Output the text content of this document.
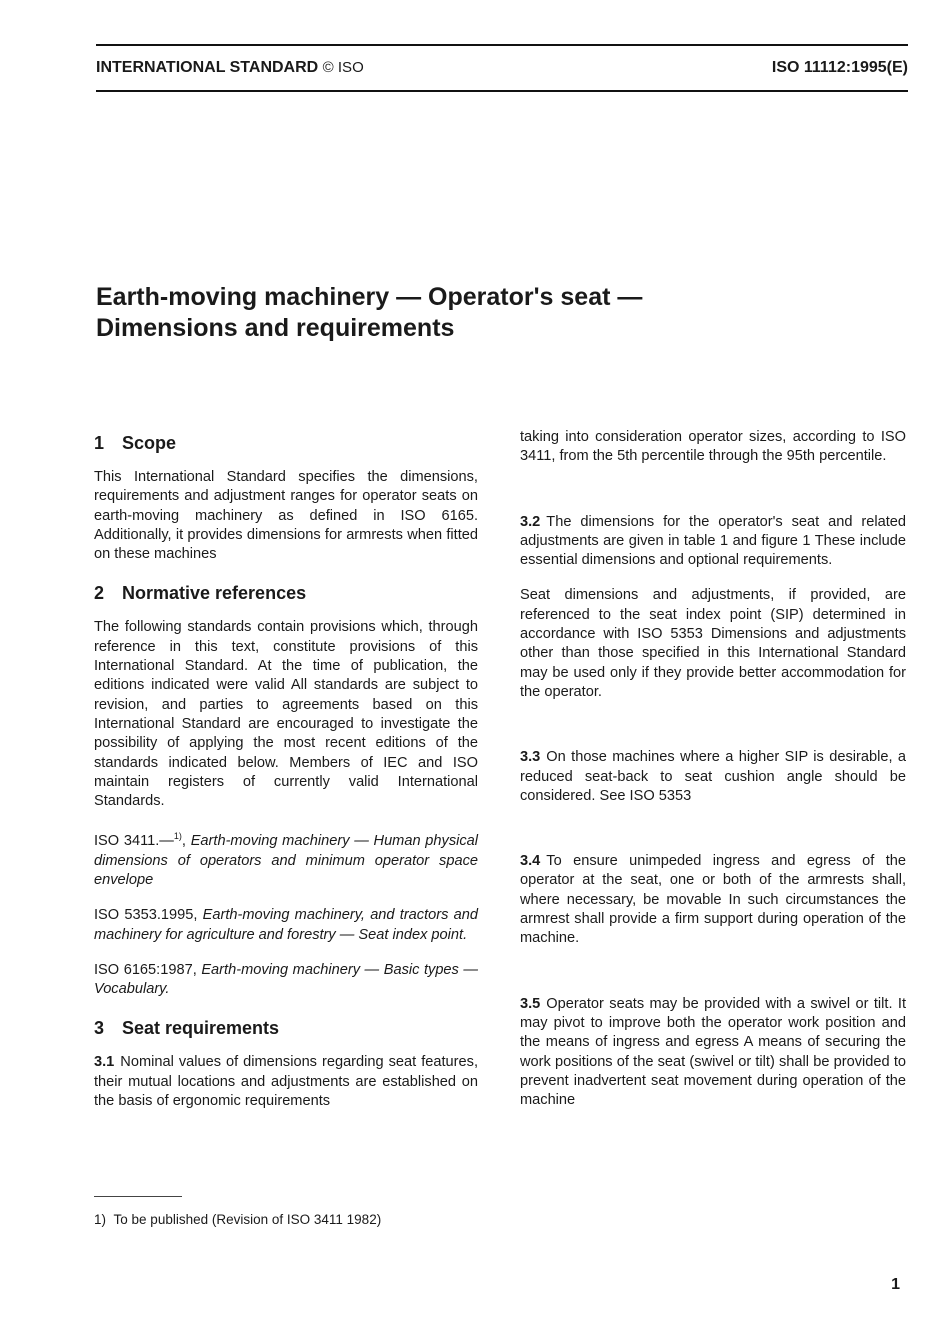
INTERNATIONAL STANDARD © ISO	ISO 11112:1995(E)
Earth-moving machinery — Operator's seat —
Dimensions and requirements
1 Scope

This International Standard specifies the dimensions, requirements and adjustment ranges for operator seats on earth-moving machinery as defined in ISO 6165. Additionally, it provides dimensions for armrests when fitted on these machines

2 Normative references

The following standards contain provisions which, through reference in this text, constitute provisions of this International Standard. At the time of publication, the editions indicated were valid All standards are subject to revision, and parties to agreements based on this International Standard are encouraged to investigate the possibility of applying the most recent editions of the standards indicated below. Members of IEC and ISO maintain registers of currently valid International Standards.

ISO 3411.—$^{1)}$, Earth-moving machinery — Human physical dimensions of operators and minimum operator space envelope

ISO 5353.1995, Earth-moving machinery, and tractors and machinery for agriculture and forestry — Seat index point.

ISO 6165:1987, Earth-moving machinery — Basic types — Vocabulary.

3 Seat requirements

3.1 Nominal values of dimensions regarding seat features, their mutual locations and adjustments are established on the basis of ergonomic requirements

taking into consideration operator sizes, according to ISO 3411, from the 5th percentile through the 95th percentile.

3.2 The dimensions for the operator's seat and related adjustments are given in table 1 and figure 1 These include essential dimensions and optional requirements.

Seat dimensions and adjustments, if provided, are referenced to the seat index point (SIP) determined in accordance with ISO 5353 Dimensions and adjustments other than those specified in this International Standard may be used only if they provide better accommodation for the operator.

3.3 On those machines where a higher SIP is desirable, a reduced seat-back to seat cushion angle should be considered. See ISO 5353

3.4 To ensure unimpeded ingress and egress of the operator at the seat, one or both of the armrests shall, where necessary, be movable In such circumstances the armrest shall provide a firm support during operation of the machine.

3.5 Operator seats may be provided with a swivel or tilt. It may pivot to improve both the operator work position and the means of ingress and egress A means of securing the work positions of the seat (swivel or tilt) shall be provided to prevent inadvertent seat movement during operation of the machine

1) To be published (Revision of ISO 3411 1982)
1
